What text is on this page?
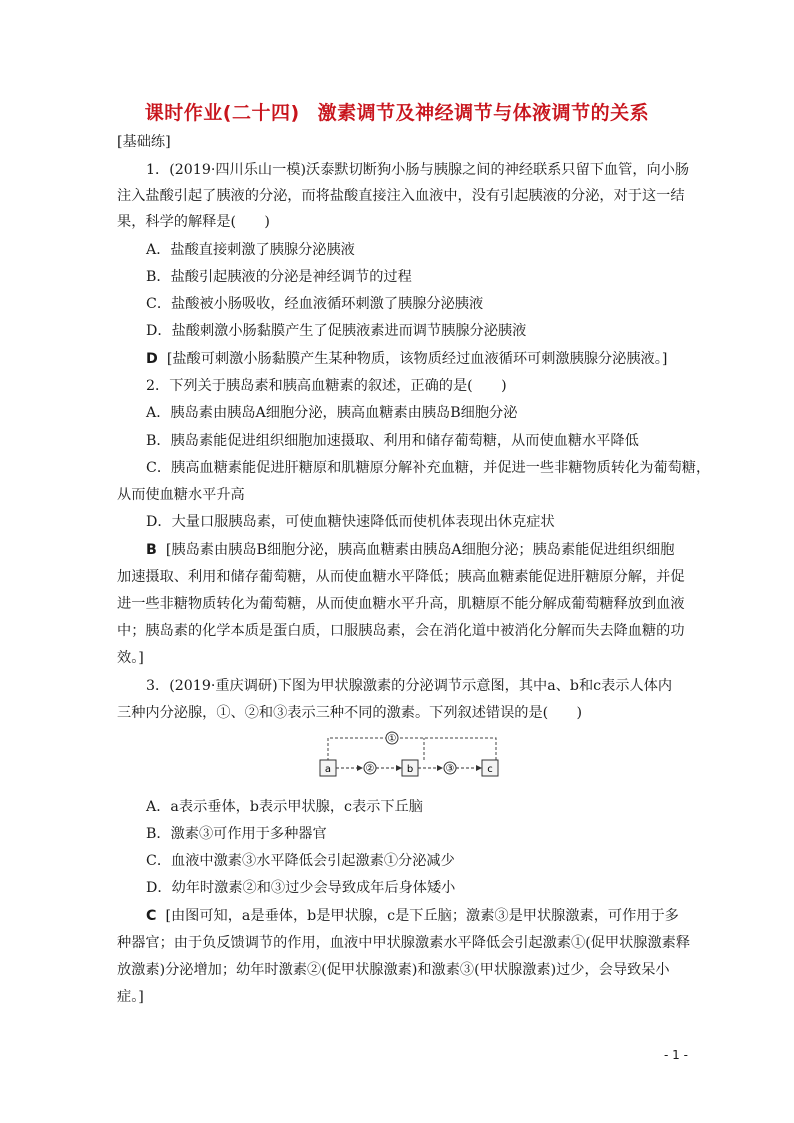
课时作业(二十四) 激素调节及神经调节与体液调节的关系
[基础练]
1．(2019·四川乐山一模)沃泰默切断狗小肠与胰腺之间的神经联系只留下血管，向小肠
注入盐酸引起了胰液的分泌，而将盐酸直接注入血液中，没有引起胰液的分泌，对于这一结
果，科学的解释是(　　)
A．盐酸直接刺激了胰腺分泌胰液
B．盐酸引起胰液的分泌是神经调节的过程
C．盐酸被小肠吸收，经血液循环刺激了胰腺分泌胰液
D．盐酸刺激小肠黏膜产生了促胰液素进而调节胰腺分泌胰液
D [盐酸可刺激小肠黏膜产生某种物质，该物质经过血液循环可刺激胰腺分泌胰液。]
2．下列关于胰岛素和胰高血糖素的叙述，正确的是(　　)
A．胰岛素由胰岛A细胞分泌，胰高血糖素由胰岛B细胞分泌
B．胰岛素能促进组织细胞加速摄取、利用和储存葡萄糖，从而使血糖水平降低
C．胰高血糖素能促进肝糖原和肌糖原分解补充血糖，并促进一些非糖物质转化为葡萄糖，
从而使血糖水平升高
D．大量口服胰岛素，可使血糖快速降低而使机体表现出休克症状
B [胰岛素由胰岛B细胞分泌，胰高血糖素由胰岛A细胞分泌；胰岛素能促进组织细胞
加速摄取、利用和储存葡萄糖，从而使血糖水平降低；胰高血糖素能促进肝糖原分解，并促
进一些非糖物质转化为葡萄糖，从而使血糖水平升高，肌糖原不能分解成葡萄糖释放到血液
中；胰岛素的化学本质是蛋白质，口服胰岛素，会在消化道中被消化分解而失去降血糖的功
效。]
3．(2019·重庆调研)下图为甲状腺激素的分泌调节示意图，其中a、b和c表示人体内
三种内分泌腺，①、②和③表示三种不同的激素。下列叙述错误的是(　　)
①
a	b	c
②	③
A．a表示垂体，b表示甲状腺，c表示下丘脑
B．激素③可作用于多种器官
C．血液中激素③水平降低会引起激素①分泌减少
D．幼年时激素②和③过少会导致成年后身体矮小
C [由图可知，a是垂体，b是甲状腺，c是下丘脑；激素③是甲状腺激素，可作用于多
种器官；由于负反馈调节的作用，血液中甲状腺激素水平降低会引起激素①(促甲状腺激素释
放激素)分泌增加；幼年时激素②(促甲状腺激素)和激素③(甲状腺激素)过少，会导致呆小
症。]
- 1 -
